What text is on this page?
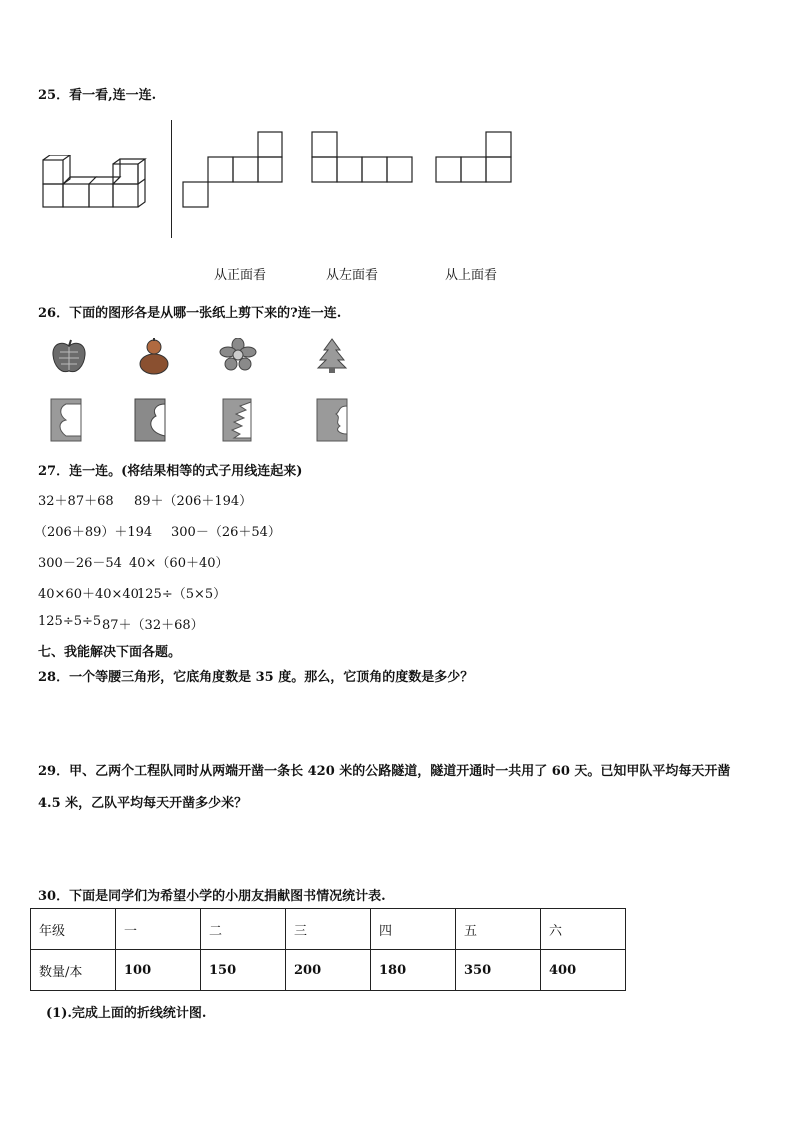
25．看一看,连一连.
从正面看	从左面看	从上面看
26．下面的图形各是从哪一张纸上剪下来的?连一连.
27．连一连。(将结果相等的式子用线连起来)
32＋87＋68 89＋（206＋194）
（206＋89）＋194 300－（26＋54）
300－26－54 40×（60＋40）
40×60＋40×40
125÷（5×5）
125÷5÷5 87＋（32＋68）
七、我能解决下面各题。
28．一个等腰三角形，它底角度数是 35 度。那么，它顶角的度数是多少？
29．甲、乙两个工程队同时从两端开凿一条长 420 米的公路隧道，隧道开通时一共用了 60 天。已知甲队平均每天开凿
4.5 米，乙队平均每天开凿多少米？
30．下面是同学们为希望小学的小朋友捐献图书情况统计表.
年级	一	二	三	四	五	六
数量/本	100	150	200	180	350	400
(1).完成上面的折线统计图.
